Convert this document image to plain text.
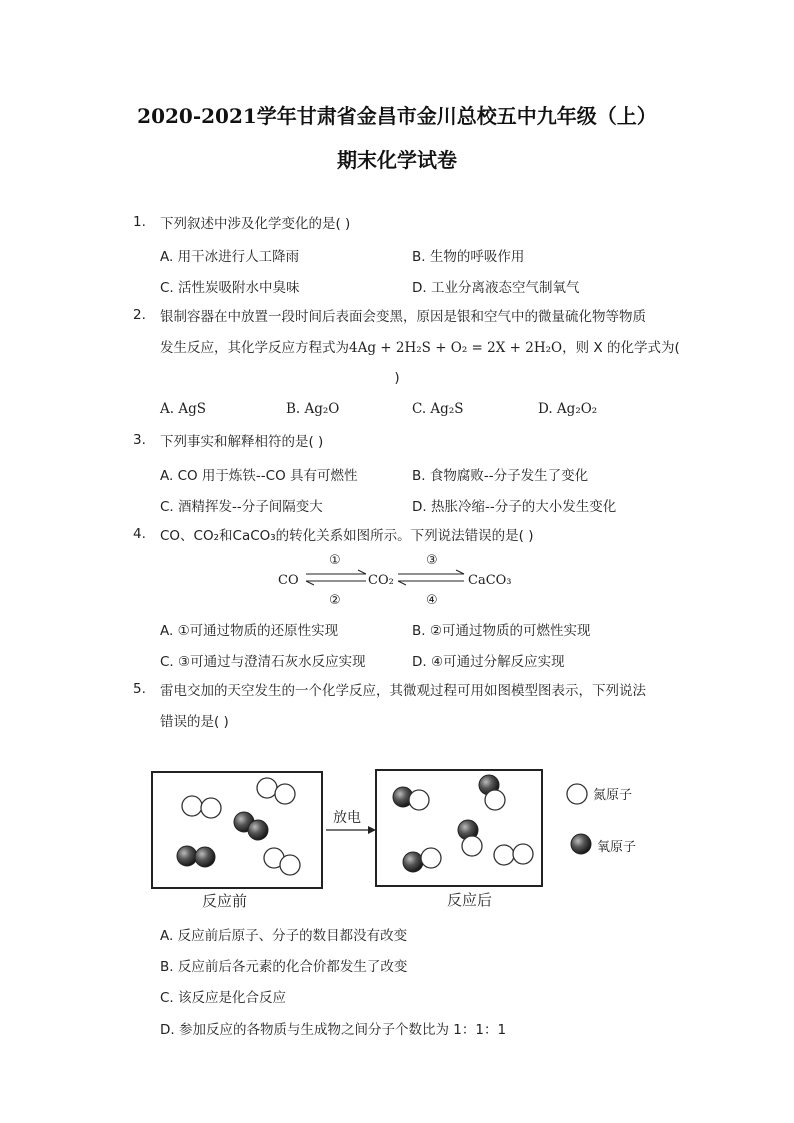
2020-2021学年甘肃省金昌市金川总校五中九年级（上）
期末化学试卷
1. 下列叙述中涉及化学变化的是( )
A. 用干冰进行人工降雨	B. 生物的呼吸作用
C. 活性炭吸附水中臭味	D. 工业分离液态空气制氧气
2. 银制容器在中放置一段时间后表面会变黑，原因是银和空气中的微量硫化物等物质
发生反应，其化学反应方程式为4Ag + 2H₂S + O₂ = 2X + 2H₂O，则 X 的化学式为(
)
A. AgS	B. Ag₂O	C. Ag₂S	D. Ag₂O₂
3. 下列事实和解释相符的是( )
A. CO 用于炼铁--CO 具有可燃性	B. 食物腐败--分子发生了变化
C. 酒精挥发--分子间隔变大	D. 热胀冷缩--分子的大小发生变化
4. CO、CO₂和CaCO₃的转化关系如图所示。下列说法错误的是( )
CO	CO₂	CaCO₃
①
②
③
④
A. ①可通过物质的还原性实现	B. ②可通过物质的可燃性实现
C. ③可通过与澄清石灰水反应实现	D. ④可通过分解反应实现
5. 雷电交加的天空发生的一个化学反应，其微观过程可用如图模型图表示，下列说法
错误的是( )
放电
氮原子
氧原子
反应前	反应后
A. 反应前后原子、分子的数目都没有改变
B. 反应前后各元素的化合价都发生了改变
C. 该反应是化合反应
D. 参加反应的各物质与生成物之间分子个数比为 1：1：1
